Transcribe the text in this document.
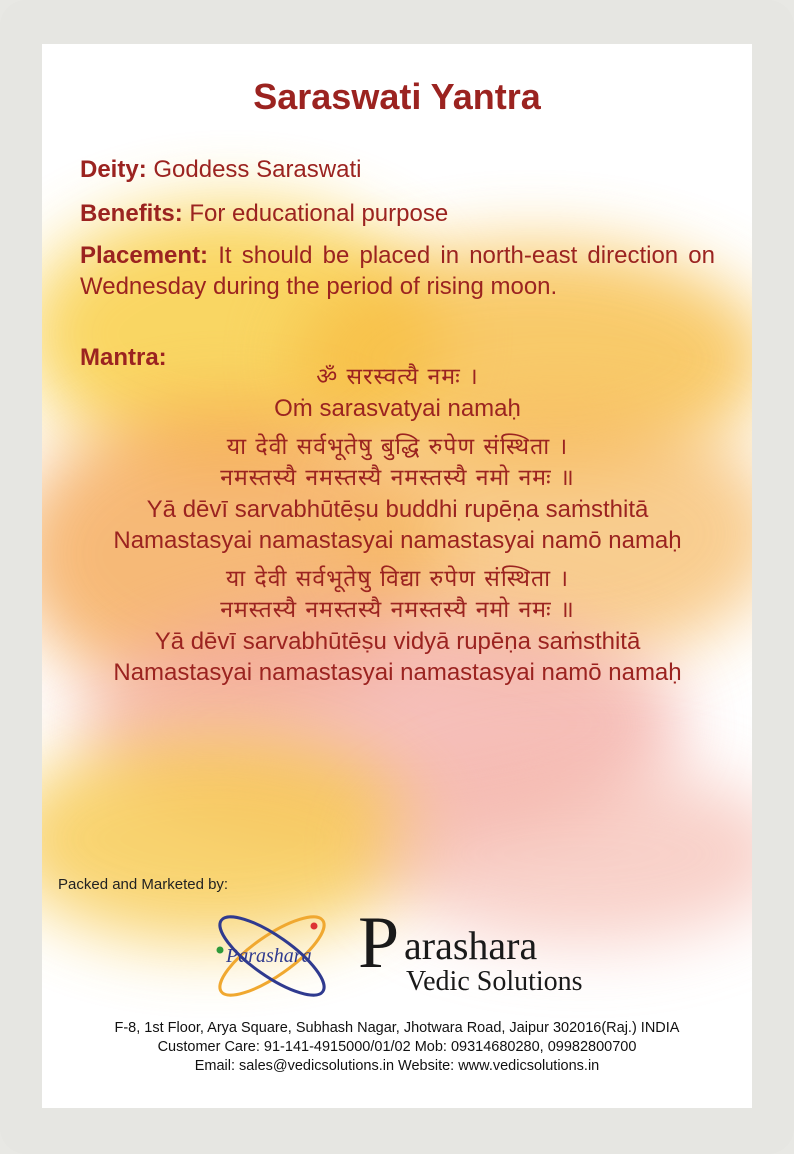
Saraswati Yantra
Deity: Goddess Saraswati
Benefits: For educational purpose
Placement: It should be placed in north-east direction on Wednesday during the period of rising moon.
Mantra:
ॐ सरस्वत्यै नमः ।
Oṁ sarasvatyai namaḥ
या देवी सर्वभूतेषु बुद्धि रुपेण संस्थिता ।
नमस्तस्यै नमस्तस्यै नमस्तस्यै नमो नमः ॥
Yā dēvī sarvabhūtēṣu buddhi rupēṇa saṁsthitā
Namastasyai namastasyai namastasyai namō namaḥ
या देवी सर्वभूतेषु विद्या रुपेण संस्थिता ।
नमस्तस्यै नमस्तस्यै नमस्तस्यै नमो नमः ॥
Yā dēvī sarvabhūtēṣu vidyā rupēṇa saṁsthitā
Namastasyai namastasyai namastasyai namō namaḥ
Packed and Marketed by:
Parashara P arashara
Vedic Solutions
F-8, 1st Floor, Arya Square, Subhash Nagar, Jhotwara Road, Jaipur 302016(Raj.) INDIA
Customer Care: 91-141-4915000/01/02 Mob: 09314680280, 09982800700
Email: sales@vedicsolutions.in Website: www.vedicsolutions.in
